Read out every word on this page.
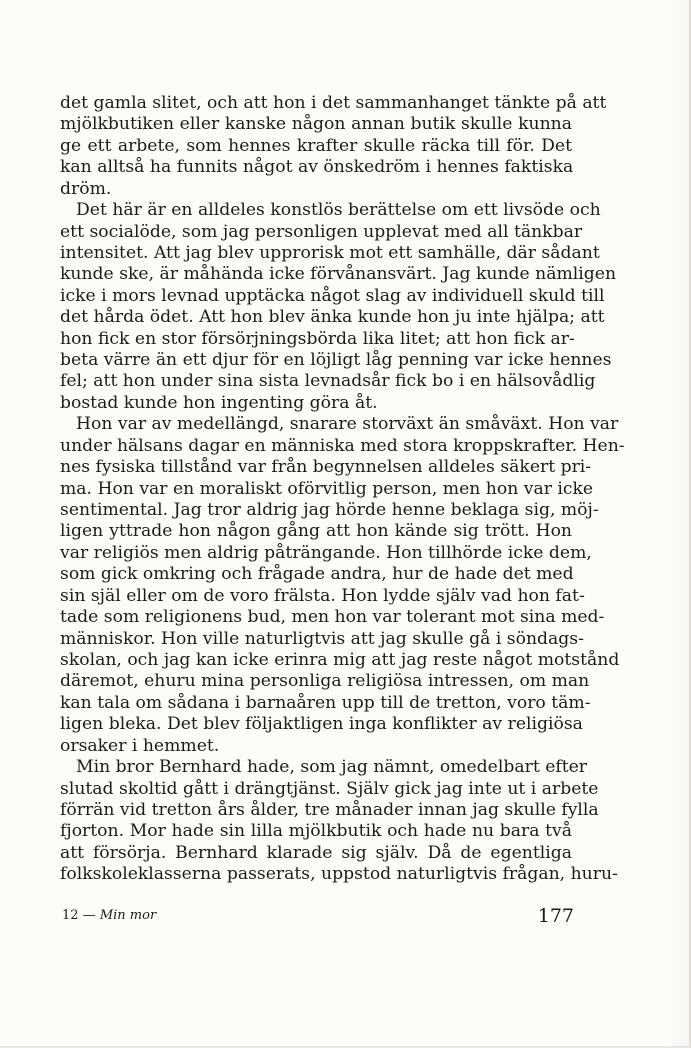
det gamla slitet, och att hon i det sammanhanget tänkte på att
mjölkbutiken eller kanske någon annan butik skulle kunna
ge ett arbete, som hennes krafter skulle räcka till för. Det
kan alltså ha funnits något av önskedröm i hennes faktiska
dröm.
Det här är en alldeles konstlös berättelse om ett livsöde och
ett socialöde, som jag personligen upplevat med all tänkbar
intensitet. Att jag blev upprorisk mot ett samhälle, där sådant
kunde ske, är måhända icke förvånansvärt. Jag kunde nämligen
icke i mors levnad upptäcka något slag av individuell skuld till
det hårda ödet. Att hon blev änka kunde hon ju inte hjälpa; att
hon fick en stor försörjningsbörda lika litet; att hon fick ar-
beta värre än ett djur för en löjligt låg penning var icke hennes
fel; att hon under sina sista levnadsår fick bo i en hälsovådlig
bostad kunde hon ingenting göra åt.
Hon var av medellängd, snarare storväxt än småväxt. Hon var
under hälsans dagar en människa med stora kroppskrafter. Hen-
nes fysiska tillstånd var från begynnelsen alldeles säkert pri-
ma. Hon var en moraliskt oförvitlig person, men hon var icke
sentimental. Jag tror aldrig jag hörde henne beklaga sig, möj-
ligen yttrade hon någon gång att hon kände sig trött. Hon
var religiös men aldrig påträngande. Hon tillhörde icke dem,
som gick omkring och frågade andra, hur de hade det med
sin själ eller om de voro frälsta. Hon lydde själv vad hon fat-
tade som religionens bud, men hon var tolerant mot sina med-
människor. Hon ville naturligtvis att jag skulle gå i söndags-
skolan, och jag kan icke erinra mig att jag reste något motstånd
däremot, ehuru mina personliga religiösa intressen, om man
kan tala om sådana i barnaåren upp till de tretton, voro täm-
ligen bleka. Det blev följaktligen inga konflikter av religiösa
orsaker i hemmet.
Min bror Bernhard hade, som jag nämnt, omedelbart efter
slutad skoltid gått i drängtjänst. Själv gick jag inte ut i arbete
förrän vid tretton års ålder, tre månader innan jag skulle fylla
fjorton. Mor hade sin lilla mjölkbutik och hade nu bara två
att försörja. Bernhard klarade sig själv. Då de egentliga
folkskoleklasserna passerats, uppstod naturligtvis frågan, huru-
12 — Min mor	177
